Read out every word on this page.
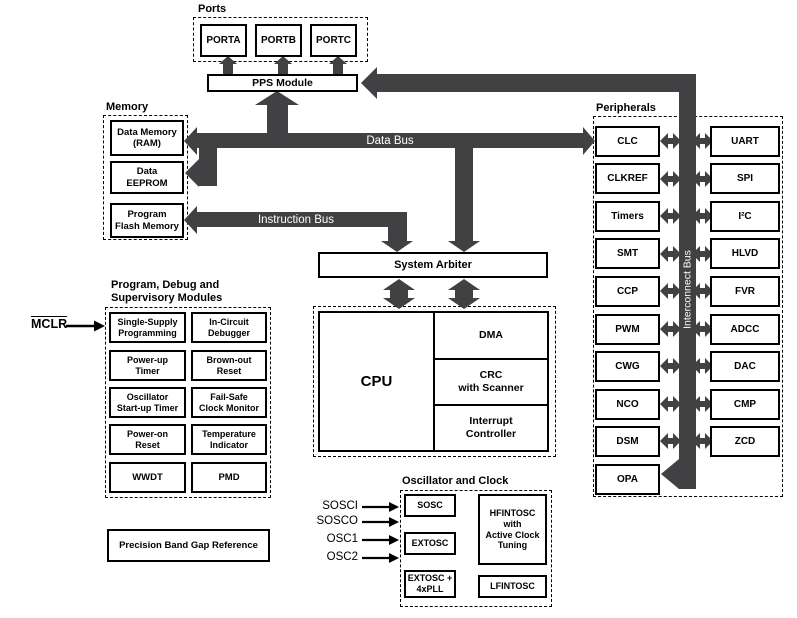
Ports
Memory	Peripherals
Program, Debug and
Supervisory Modules
Oscillator and Clock
Data Bus
Instruction Bus
Interconnect Bus
PORTA	PORTB	PORTC
PPS Module
Data Memory
(RAM)
Data
EEPROM
Program
Flash Memory
System Arbiter
CPU
DMA
CRC
with Scanner
Interrupt
Controller
Single-Supply
Programming
Power-up
Timer
Oscillator
Start-up Timer
Power-on
Reset
WWDT
In-Circuit
Debugger
Brown-out
Reset
Fail-Safe
Clock Monitor
Temperature
Indicator
PMD
MCLR
Precision Band Gap Reference
CLC
CLKREF
Timers
SMT
CCP
PWM
CWG
NCO
DSM
OPA
UART
SPI
I²C
HLVD
FVR
ADCC
DAC
CMP
ZCD
SOSC
EXTOSC
EXTOSC +
4xPLL
HFINTOSC
with
Active Clock
Tuning
LFINTOSC
SOSCI
SOSCO
OSC1
OSC2
